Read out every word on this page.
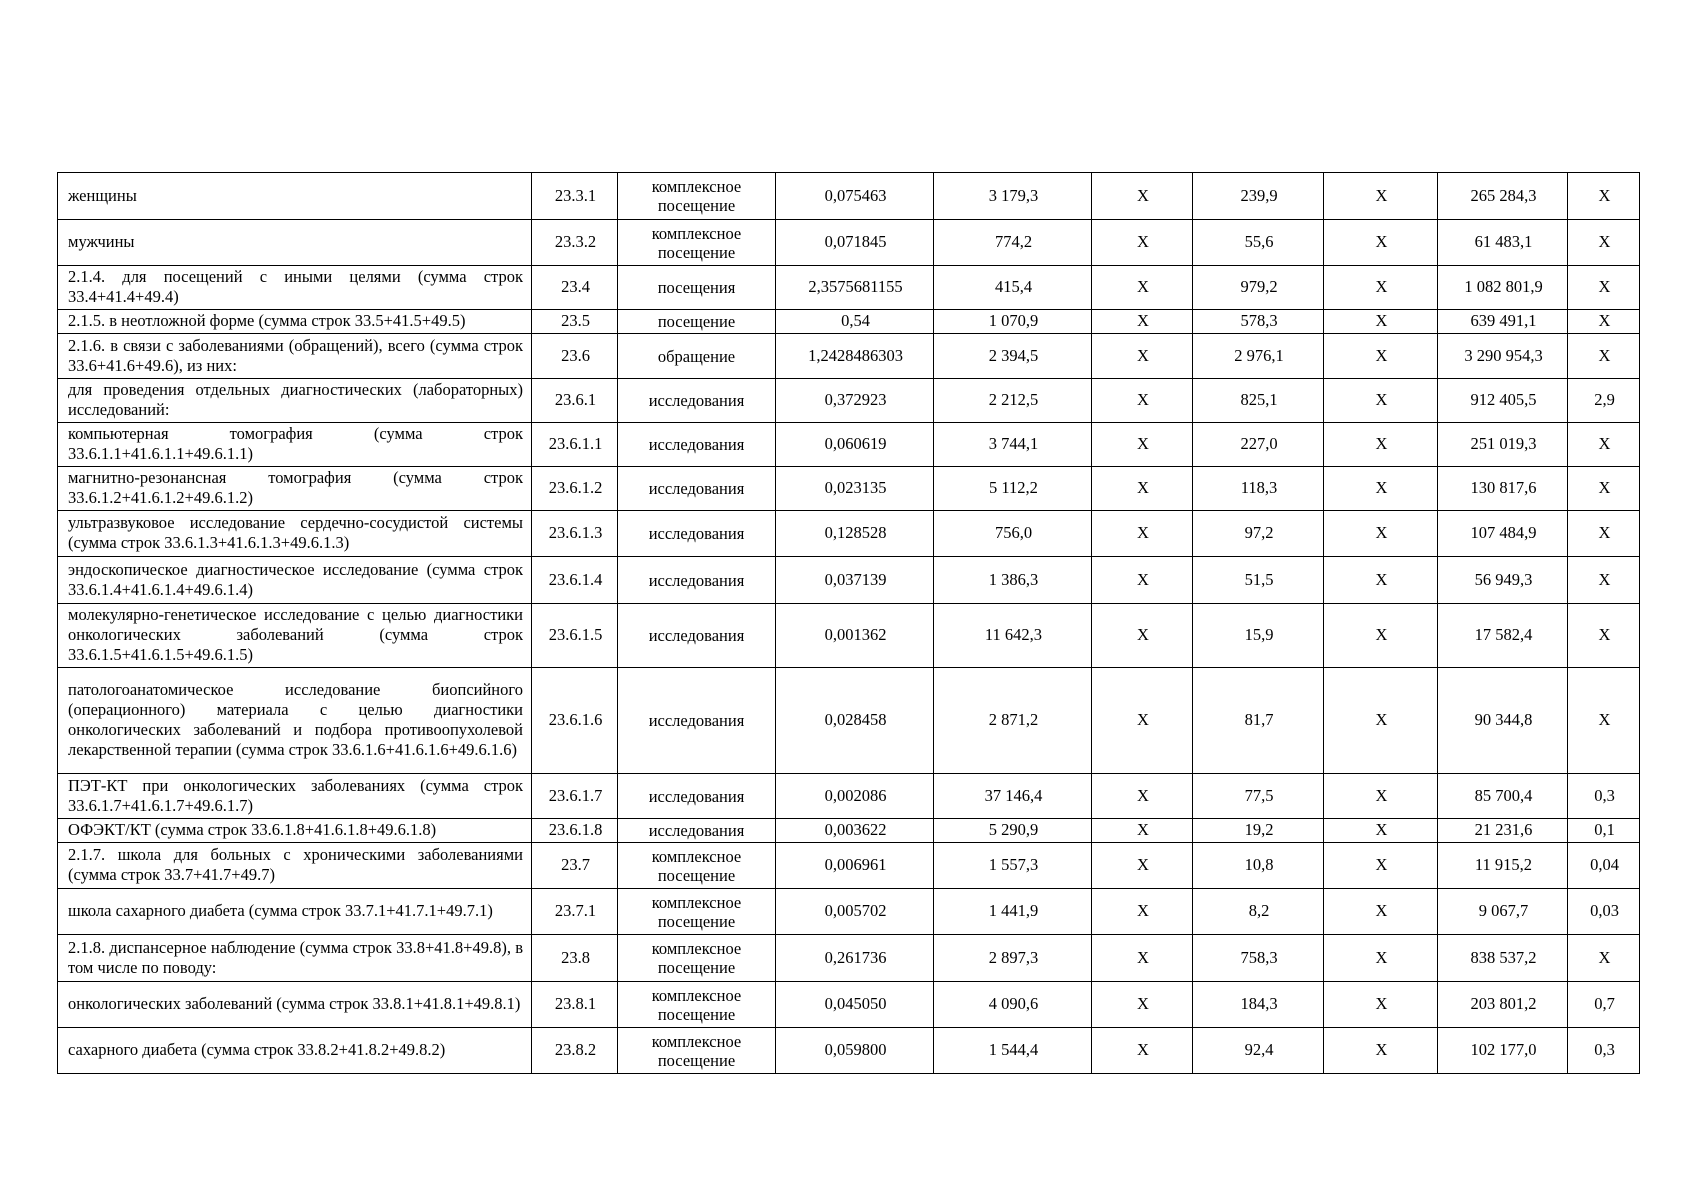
женщины	23.3.1	комплексное посещение	0,075463	3 179,3	X	239,9	X	265 284,3	X
мужчины	23.3.2	комплексное посещение	0,071845	774,2	X	55,6	X	61 483,1	X
2.1.4. для посещений с иными целями (сумма строк 33.4+41.4+49.4)	23.4	посещения	2,3575681155	415,4	X	979,2	X	1 082 801,9	X
2.1.5. в неотложной форме (сумма строк 33.5+41.5+49.5)	23.5	посещение	0,54	1 070,9	X	578,3	X	639 491,1	X
2.1.6. в связи с заболеваниями (обращений), всего (сумма строк 33.6+41.6+49.6), из них:	23.6	обращение	1,2428486303	2 394,5	X	2 976,1	X	3 290 954,3	X
для проведения отдельных диагностических (лабораторных) исследований:	23.6.1	исследования	0,372923	2 212,5	X	825,1	X	912 405,5	2,9
компьютерная томография (сумма строк 33.6.1.1+41.6.1.1+49.6.1.1)	23.6.1.1	исследования	0,060619	3 744,1	X	227,0	X	251 019,3	X
магнитно-резонансная томография (сумма строк 33.6.1.2+41.6.1.2+49.6.1.2)	23.6.1.2	исследования	0,023135	5 112,2	X	118,3	X	130 817,6	X
ультразвуковое исследование сердечно-сосудистой системы (сумма строк 33.6.1.3+41.6.1.3+49.6.1.3)	23.6.1.3	исследования	0,128528	756,0	X	97,2	X	107 484,9	X
эндоскопическое диагностическое исследование (сумма строк 33.6.1.4+41.6.1.4+49.6.1.4)	23.6.1.4	исследования	0,037139	1 386,3	X	51,5	X	56 949,3	X
молекулярно-генетическое исследование с целью диагностики онкологических заболеваний (сумма строк 33.6.1.5+41.6.1.5+49.6.1.5)	23.6.1.5	исследования	0,001362	11 642,3	X	15,9	X	17 582,4	X
патологоанатомическое исследование биопсийного (операционного) материала с целью диагностики онкологических заболеваний и подбора противоопухолевой лекарственной терапии (сумма строк 33.6.1.6+41.6.1.6+49.6.1.6)	23.6.1.6	исследования	0,028458	2 871,2	X	81,7	X	90 344,8	X
ПЭТ-КТ при онкологических заболеваниях (сумма строк 33.6.1.7+41.6.1.7+49.6.1.7)	23.6.1.7	исследования	0,002086	37 146,4	X	77,5	X	85 700,4	0,3
ОФЭКТ/КТ (сумма строк 33.6.1.8+41.6.1.8+49.6.1.8)	23.6.1.8	исследования	0,003622	5 290,9	X	19,2	X	21 231,6	0,1
2.1.7. школа для больных с хроническими заболеваниями (сумма строк 33.7+41.7+49.7)	23.7	комплексное посещение	0,006961	1 557,3	X	10,8	X	11 915,2	0,04
школа сахарного диабета (сумма строк 33.7.1+41.7.1+49.7.1)	23.7.1	комплексное посещение	0,005702	1 441,9	X	8,2	X	9 067,7	0,03
2.1.8. диспансерное наблюдение (сумма строк 33.8+41.8+49.8), в том числе по поводу:	23.8	комплексное посещение	0,261736	2 897,3	X	758,3	X	838 537,2	X
онкологических заболеваний (сумма строк 33.8.1+41.8.1+49.8.1)	23.8.1	комплексное посещение	0,045050	4 090,6	X	184,3	X	203 801,2	0,7
сахарного диабета (сумма строк 33.8.2+41.8.2+49.8.2)	23.8.2	комплексное посещение	0,059800	1 544,4	X	92,4	X	102 177,0	0,3
